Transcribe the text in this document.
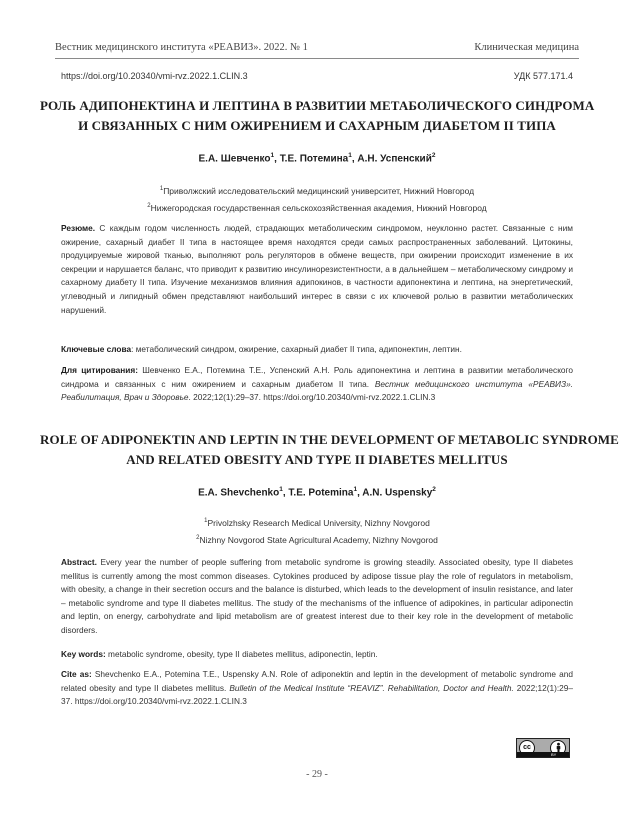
Вестник медицинского института «РЕАВИЗ». 2022. № 1	Клиническая медицина
https://doi.org/10.20340/vmi-rvz.2022.1.CLIN.3	УДК 577.171.4
РОЛЬ АДИПОНЕКТИНА И ЛЕПТИНА В РАЗВИТИИ МЕТАБОЛИЧЕСКОГО СИНДРОМА
И СВЯЗАННЫХ С НИМ ОЖИРЕНИЕМ И САХАРНЫМ ДИАБЕТОМ II ТИПА
Е.А. Шевченко$^1$, Т.Е. Потемина$^1$, А.Н. Успенский$^2$
$^1$Приволжский исследовательский медицинский университет, Нижний Новгород
$^2$Нижегородская государственная сельскохозяйственная академия, Нижний Новгород
Резюме. С каждым годом численность людей, страдающих метаболическим синдромом, неуклонно растет. Связанные с ним ожирение, сахарный диабет II типа в настоящее время находятся среди самых распространенных заболеваний. Цитокины, продуцируемые жировой тканью, выполняют роль регуляторов в обмене веществ, при ожирении происходит изменение в их секреции и нарушается баланс, что приводит к развитию инсулинорезистентности, а в дальнейшем – метаболическому синдрому и сахарному диабету II типа. Изучение механизмов влияния адипокинов, в частности адипонектина и лептина, на энергетический, углеводный и липидный обмен представляют наибольший интерес в связи с их ключевой ролью в развитии метаболических нарушений.
Ключевые слова: метаболический синдром, ожирение, сахарный диабет II типа, адипонектин, лептин.
Для цитирования: Шевченко Е.А., Потемина Т.Е., Успенский А.Н. Роль адипонектина и лептина в развитии метаболического синдрома и связанных с ним ожирением и сахарным диабетом II типа. Вестник медицинского института «РЕАВИЗ». Реабилитация, Врач и Здоровье. 2022;12(1):29–37. https://doi.org/10.20340/vmi-rvz.2022.1.CLIN.3
ROLE OF ADIPONEKTIN AND LEPTIN IN THE DEVELOPMENT OF METABOLIC SYNDROME
AND RELATED OBESITY AND TYPE II DIABETES MELLITUS
E.A. Shevchenko$^1$, T.E. Potemina$^1$, A.N. Uspensky$^2$
$^1$Privolzhsky Research Medical University, Nizhny Novgorod
$^2$Nizhny Novgorod State Agricultural Academy, Nizhny Novgorod
Abstract. Every year the number of people suffering from metabolic syndrome is growing steadily. Associated obesity, type II diabetes mellitus is currently among the most common diseases. Cytokines produced by adipose tissue play the role of regulators in metabolism, with obesity, a change in their secretion occurs and the balance is disturbed, which leads to the development of insulin resistance, and later – metabolic syndrome and type II diabetes mellitus. The study of the mechanisms of the influence of adipokines, in particular adiponectin and leptin, on energy, carbohydrate and lipid metabolism are of greatest interest due to their key role in the development of metabolic disorders.
Key words: metabolic syndrome, obesity, type II diabetes mellitus, adiponectin, leptin.
Cite as: Shevchenko E.A., Potemina T.E., Uspensky A.N. Role of adiponektin and leptin in the development of metabolic syndrome and related obesity and type II diabetes mellitus. Bulletin of the Medical Institute “REAVIZ”. Rehabilitation, Doctor and Health. 2022;12(1):29–37. https://doi.org/10.20340/vmi-rvz.2022.1.CLIN.3
cc
BY
- 29 -
